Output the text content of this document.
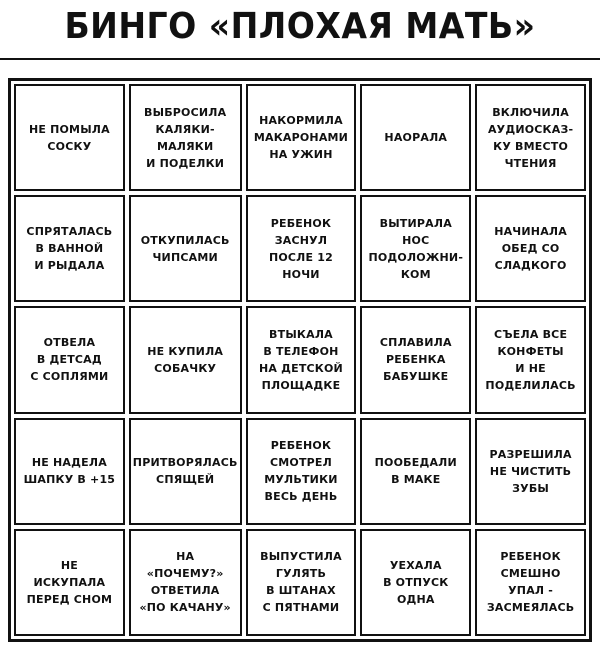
БИНГО «ПЛОХАЯ МАТЬ»
НЕ ПОМЫЛА
СОСКУ
ВЫБРОСИЛА
КАЛЯКИ-
МАЛЯКИ
И ПОДЕЛКИ
НАКОРМИЛА
МАКАРОНАМИ
НА УЖИН
НАОРАЛА
ВКЛЮЧИЛА
АУДИОСКАЗ-
КУ ВМЕСТО
ЧТЕНИЯ
СПРЯТАЛАСЬ
В ВАННОЙ
И РЫДАЛА
ОТКУПИЛАСЬ
ЧИПСАМИ
РЕБЕНОК
ЗАСНУЛ
ПОСЛЕ 12
НОЧИ
ВЫТИРАЛА
НОС
ПОДОЛОЖНИ-
КОМ
НАЧИНАЛА
ОБЕД СО
СЛАДКОГО
ОТВЕЛА
В ДЕТСАД
С СОПЛЯМИ
НЕ КУПИЛА
СОБАЧКУ
ВТЫКАЛА
В ТЕЛЕФОН
НА ДЕТСКОЙ
ПЛОЩАДКЕ
СПЛАВИЛА
РЕБЕНКА
БАБУШКЕ
СЪЕЛА ВСЕ
КОНФЕТЫ
И НЕ
ПОДЕЛИЛАСЬ
НЕ НАДЕЛА
ШАПКУ В +15
ПРИТВОРЯЛАСЬ
СПЯЩЕЙ
РЕБЕНОК
СМОТРЕЛ
МУЛЬТИКИ
ВЕСЬ ДЕНЬ
ПООБЕДАЛИ
В МАКЕ
РАЗРЕШИЛА
НЕ ЧИСТИТЬ
ЗУБЫ
НЕ
ИСКУПАЛА
ПЕРЕД СНОМ
НА
«ПОЧЕМУ?»
ОТВЕТИЛА
«ПО КАЧАНУ»
ВЫПУСТИЛА
ГУЛЯТЬ
В ШТАНАХ
С ПЯТНАМИ
УЕХАЛА
В ОТПУСК
ОДНА
РЕБЕНОК
СМЕШНО
УПАЛ -
ЗАСМЕЯЛАСЬ
